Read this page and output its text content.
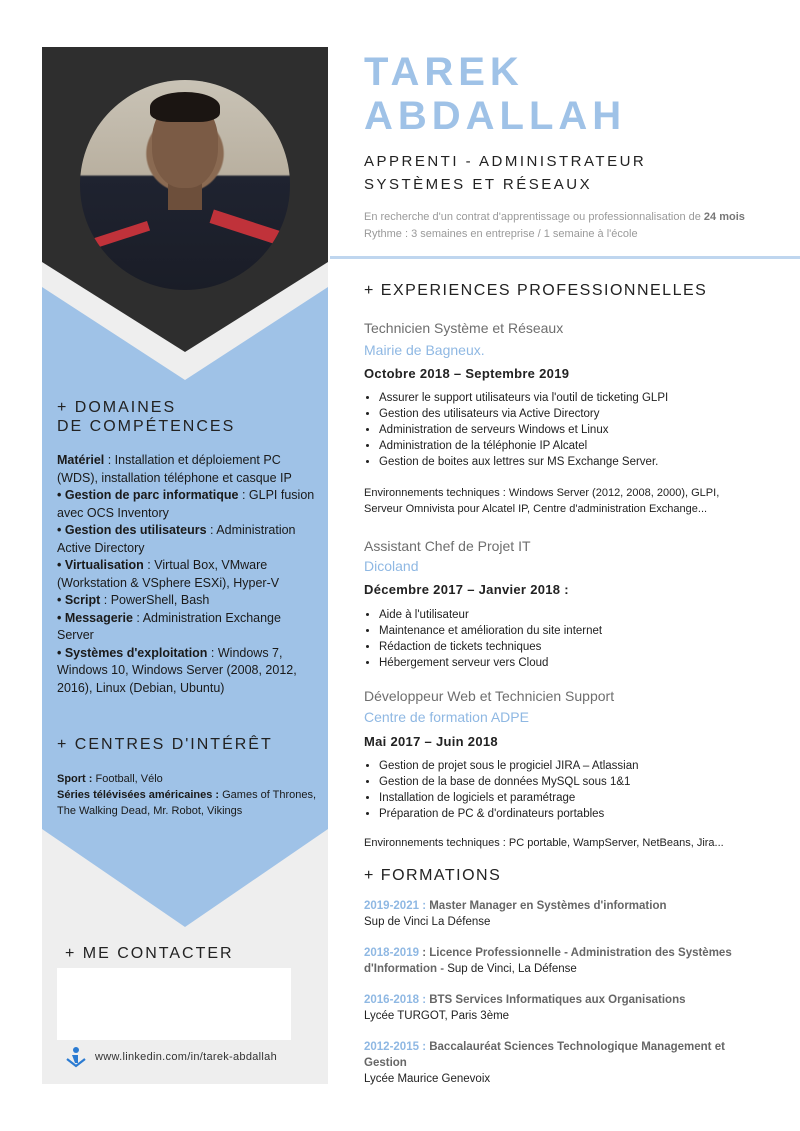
+ DOMAINES
DE COMPÉTENCES
Matériel : Installation et déploiement PC (WDS), installation téléphone et casque IP
• Gestion de parc informatique : GLPI fusion avec OCS Inventory
• Gestion des utilisateurs : Administration Active Directory
• Virtualisation : Virtual Box, VMware (Workstation & VSphere ESXi), Hyper-V
• Script : PowerShell, Bash
• Messagerie : Administration Exchange Server
• Systèmes d'exploitation : Windows 7, Windows 10, Windows Server (2008, 2012, 2016), Linux (Debian, Ubuntu)
+ CENTRES D'INTÉRÊT
Sport : Football, Vélo
Séries télévisées américaines : Games of Thrones, The Walking Dead, Mr. Robot, Vikings
+ ME CONTACTER
www.linkedin.com/in/tarek-abdallah
TAREK
ABDALLAH
APPRENTI - ADMINISTRATEUR
SYSTÈMES ET RÉSEAUX
En recherche d'un contrat d'apprentissage ou professionnalisation de 24 mois
Rythme : 3 semaines en entreprise / 1 semaine à l'école
+ EXPERIENCES PROFESSIONNELLES
Technicien Système et Réseaux
Mairie de Bagneux.
Octobre 2018 – Septembre 2019
• Assurer le support utilisateurs via l'outil de ticketing GLPI
• Gestion des utilisateurs via Active Directory
• Administration de serveurs Windows et Linux
• Administration de la téléphonie IP Alcatel
• Gestion de boites aux lettres sur MS Exchange Server.
Environnements techniques : Windows Server (2012, 2008, 2000), GLPI, Serveur Omnivista pour Alcatel IP, Centre d'administration Exchange...
Assistant Chef de Projet IT
Dicoland
Décembre 2017 – Janvier 2018 :
• Aide à l'utilisateur
• Maintenance et amélioration du site internet
• Rédaction de tickets techniques
• Hébergement serveur vers Cloud
Développeur Web et Technicien Support
Centre de formation ADPE
Mai 2017 – Juin 2018
• Gestion de projet sous le progiciel JIRA – Atlassian
• Gestion de la base de données MySQL sous 1&1
• Installation de logiciels et paramétrage
• Préparation de PC & d'ordinateurs portables
Environnements techniques : PC portable, WampServer, NetBeans, Jira...
+ FORMATIONS
2019-2021 : Master Manager en Systèmes d'information
Sup de Vinci La Défense
2018-2019 : Licence Professionnelle - Administration des Systèmes d'Information - Sup de Vinci, La Défense
2016-2018 : BTS Services Informatiques aux Organisations
Lycée TURGOT, Paris 3ème
2012-2015 : Baccalauréat Sciences Technologique Management et Gestion
Lycée Maurice Genevoix
